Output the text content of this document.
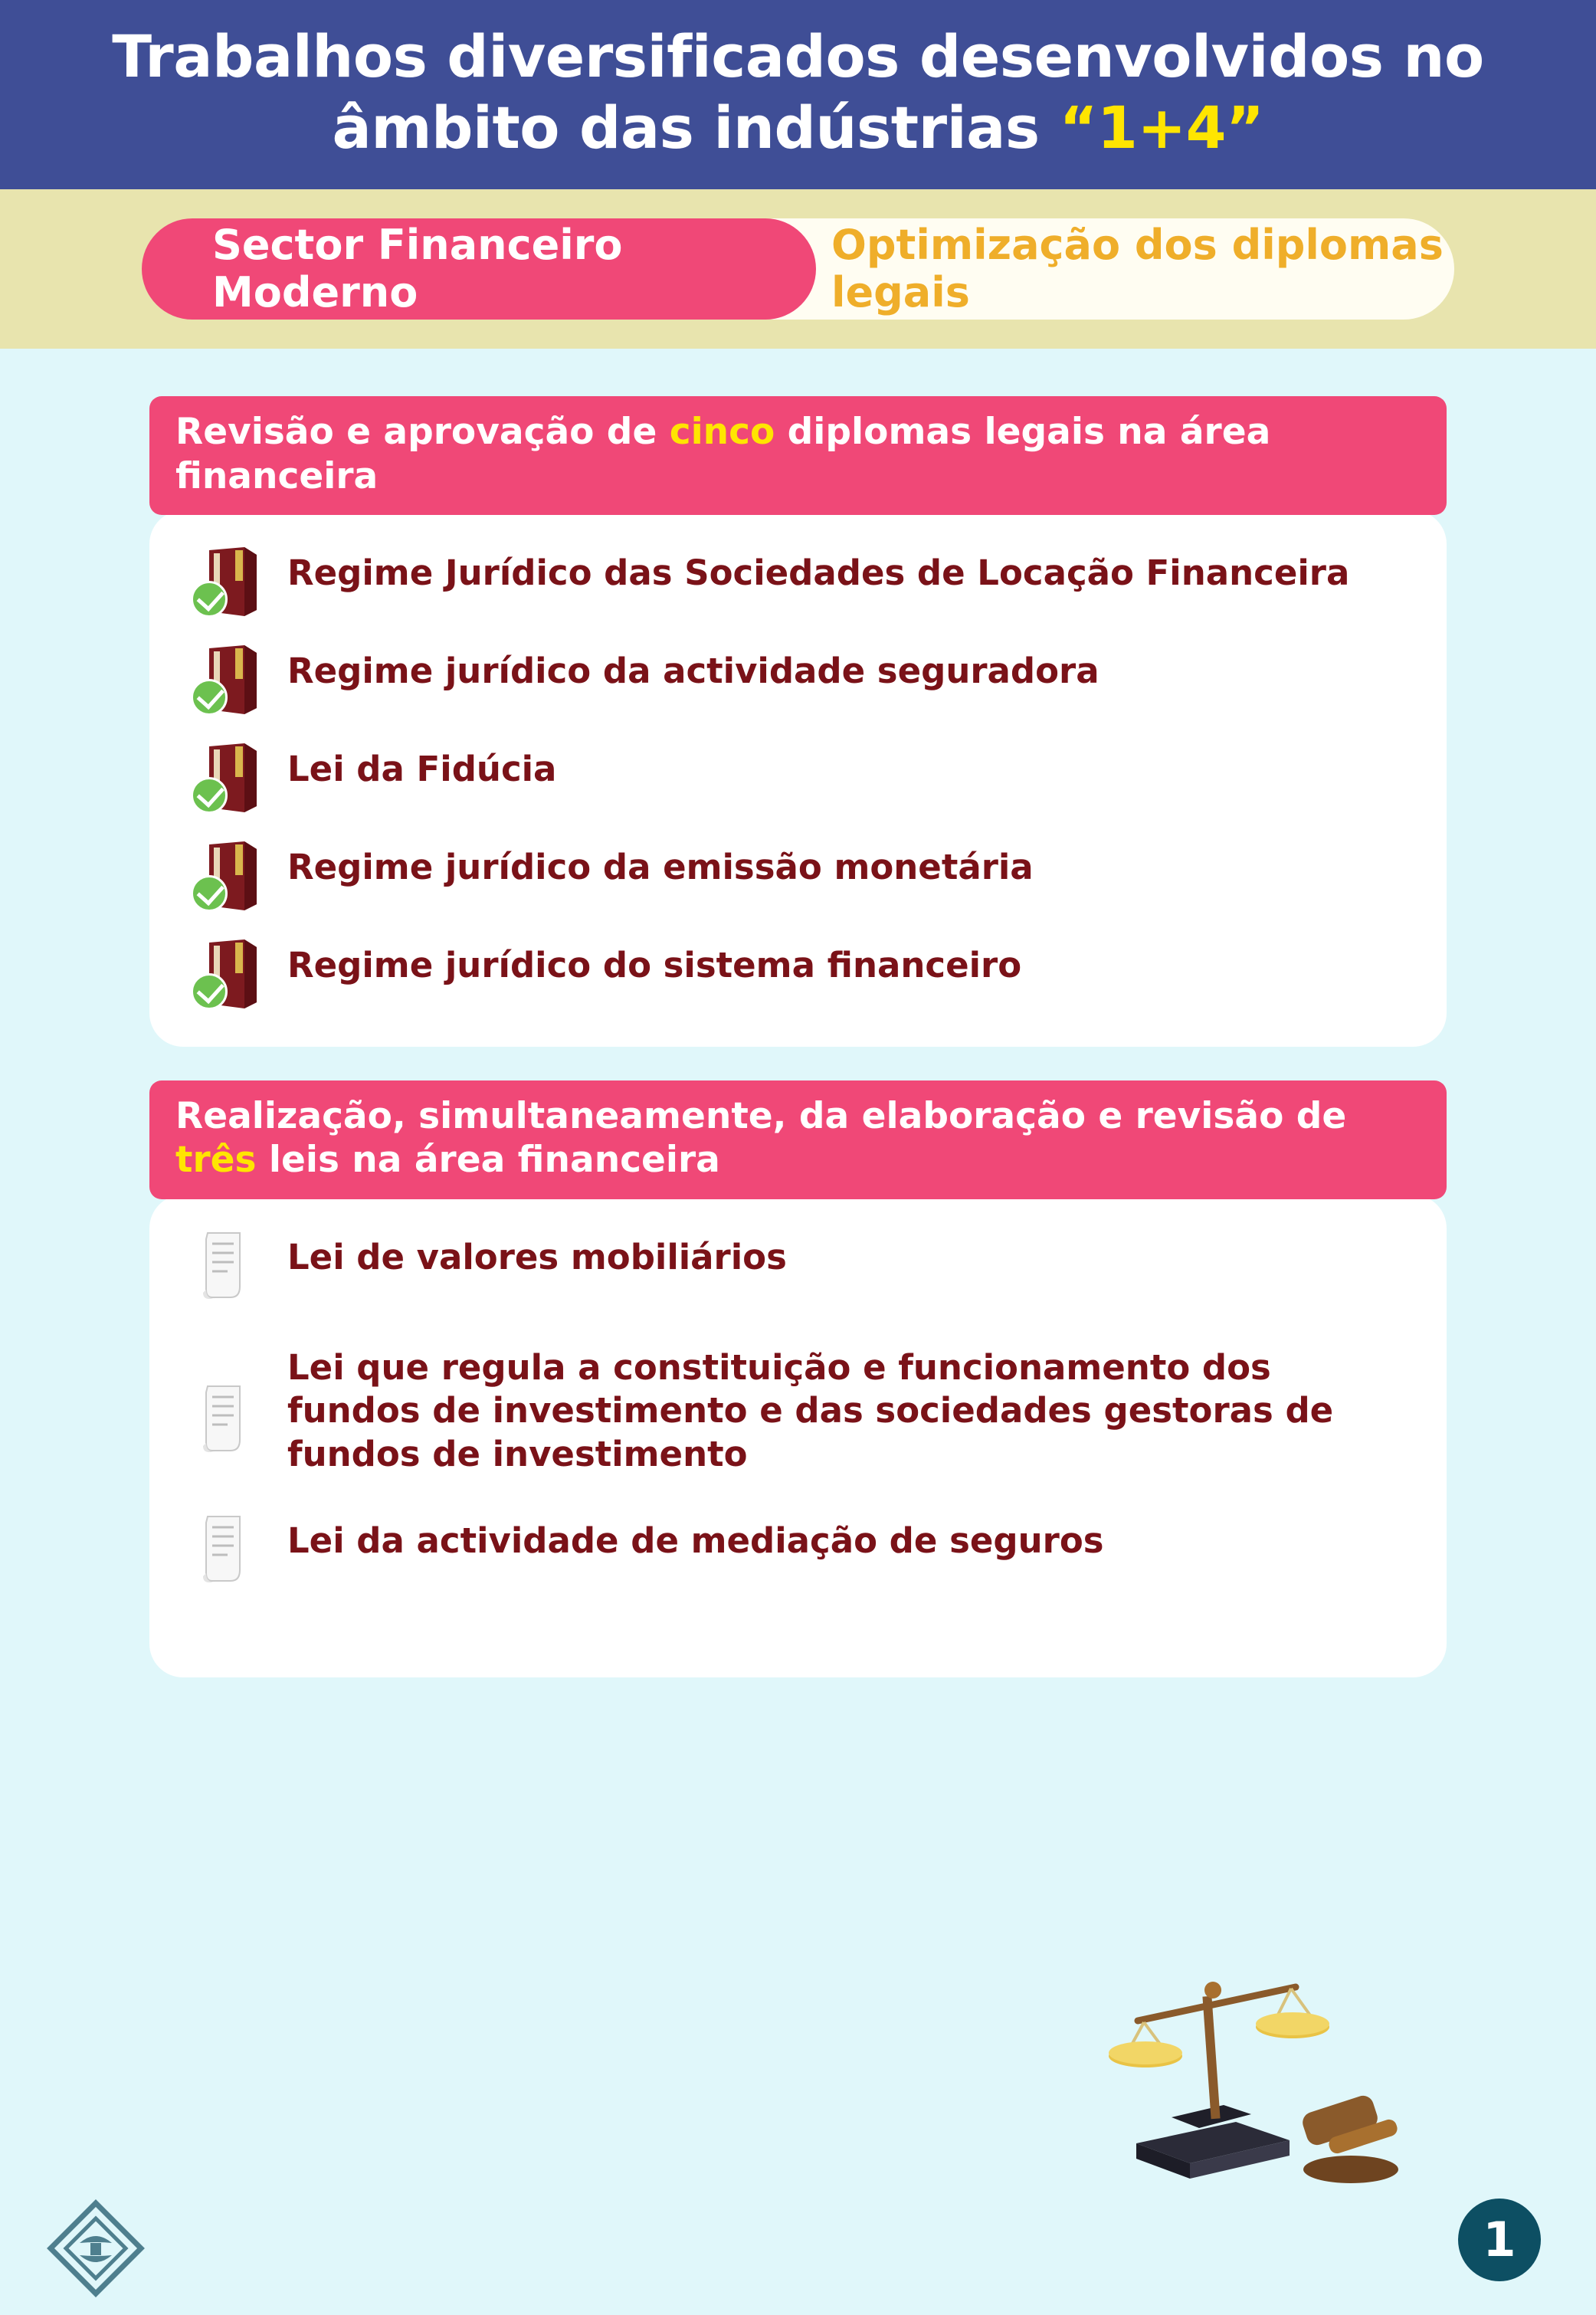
Trabalhos diversificados desenvolvidos no
âmbito das indústrias “1+4”
Optimização dos diplomas legais
Sector Financeiro Moderno
Revisão e aprovação de cinco diplomas legais na área financeira
Regime Jurídico das Sociedades de Locação Financeira
Regime jurídico da actividade seguradora
Lei da Fidúcia
Regime jurídico da emissão monetária
Regime jurídico do sistema financeiro
Realização, simultaneamente, da elaboração e revisão de três leis na área financeira
Lei de valores mobiliários
Lei que regula a constituição e funcionamento dos fundos de investimento e das sociedades gestoras de fundos de investimento
Lei da actividade de mediação de seguros
1
